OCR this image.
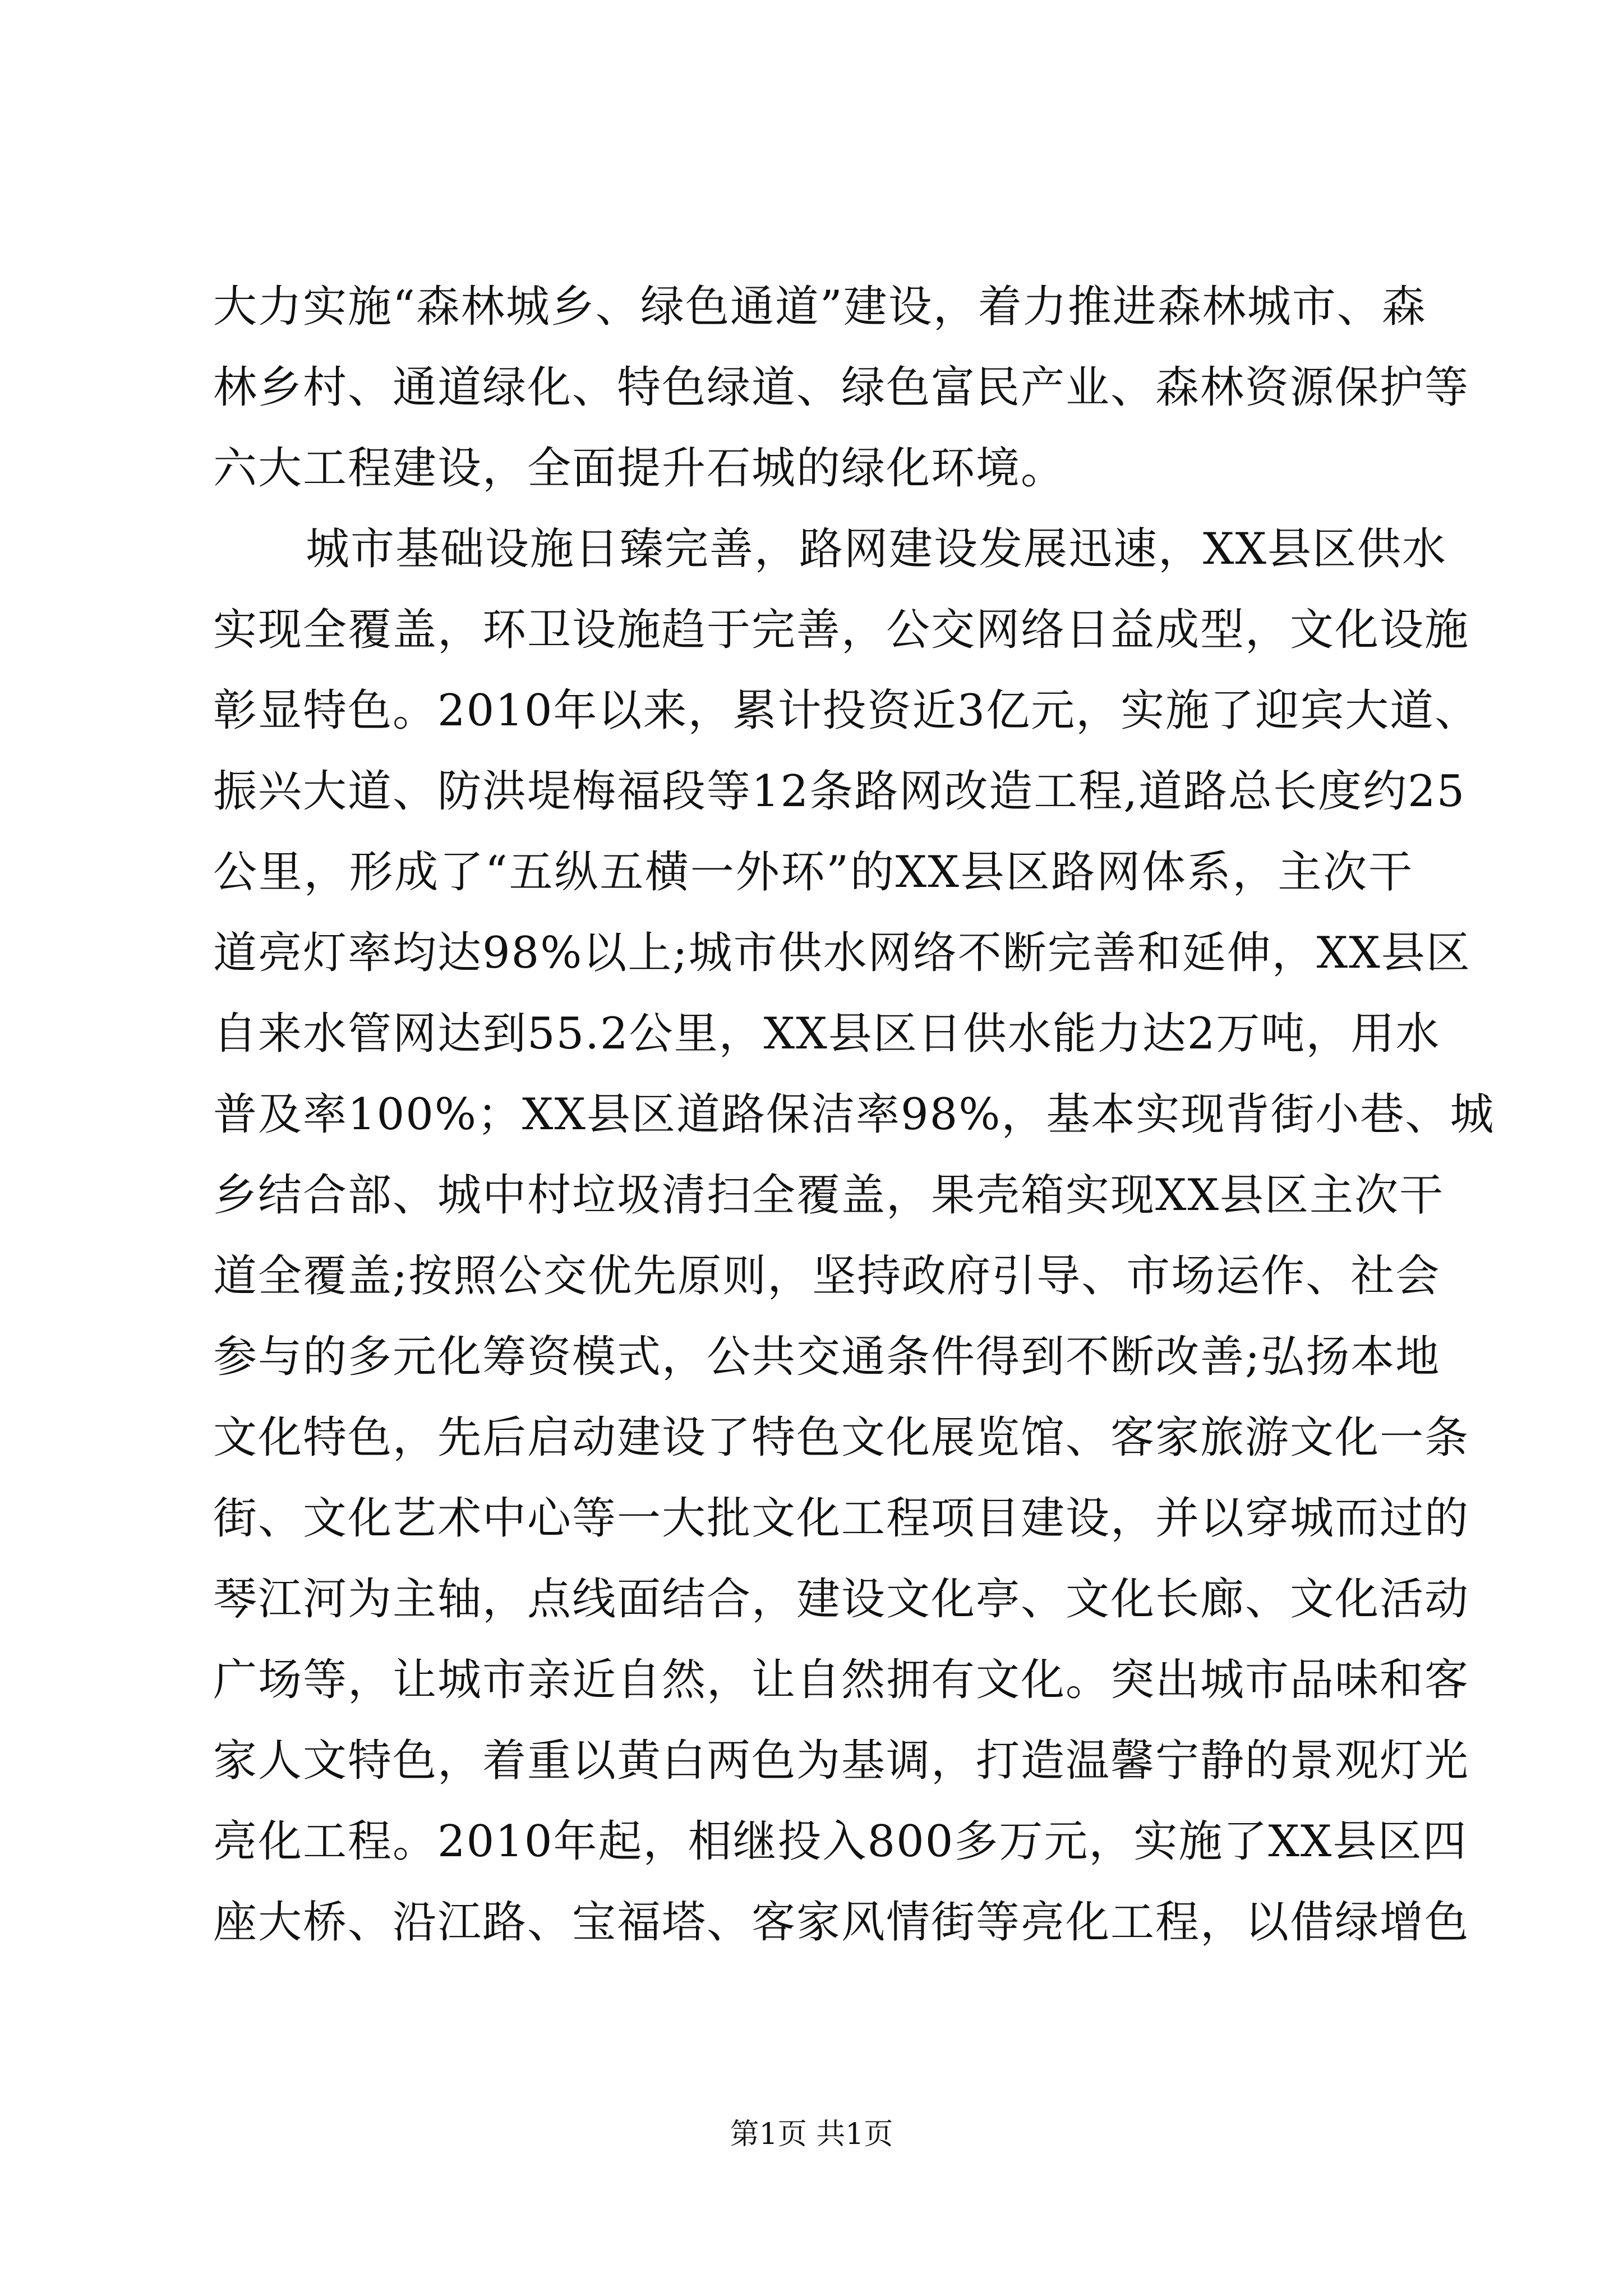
大力实施“森林城乡、绿色通道”建设，着力推进森林城市、森
林乡村、通道绿化、特色绿道、绿色富民产业、森林资源保护等
六大工程建设，全面提升石城的绿化环境。
城市基础设施日臻完善，路网建设发展迅速，XX县区供水
实现全覆盖，环卫设施趋于完善，公交网络日益成型，文化设施
彰显特色。2010年以来，累计投资近3亿元，实施了迎宾大道、
振兴大道、防洪堤梅福段等12条路网改造工程,道路总长度约25
公里，形成了“五纵五横一外环”的XX县区路网体系，主次干
道亮灯率均达98%以上;城市供水网络不断完善和延伸，XX县区
自来水管网达到55.2公里，XX县区日供水能力达2万吨，用水
普及率100%；XX县区道路保洁率98%，基本实现背街小巷、城
乡结合部、城中村垃圾清扫全覆盖，果壳箱实现XX县区主次干
道全覆盖;按照公交优先原则，坚持政府引导、市场运作、社会
参与的多元化筹资模式，公共交通条件得到不断改善;弘扬本地
文化特色，先后启动建设了特色文化展览馆、客家旅游文化一条
街、文化艺术中心等一大批文化工程项目建设，并以穿城而过的
琴江河为主轴，点线面结合，建设文化亭、文化长廊、文化活动
广场等，让城市亲近自然，让自然拥有文化。突出城市品味和客
家人文特色，着重以黄白两色为基调，打造温馨宁静的景观灯光
亮化工程。2010年起，相继投入800多万元，实施了XX县区四
座大桥、沿江路、宝福塔、客家风情街等亮化工程，以借绿增色
第1页 共1页
